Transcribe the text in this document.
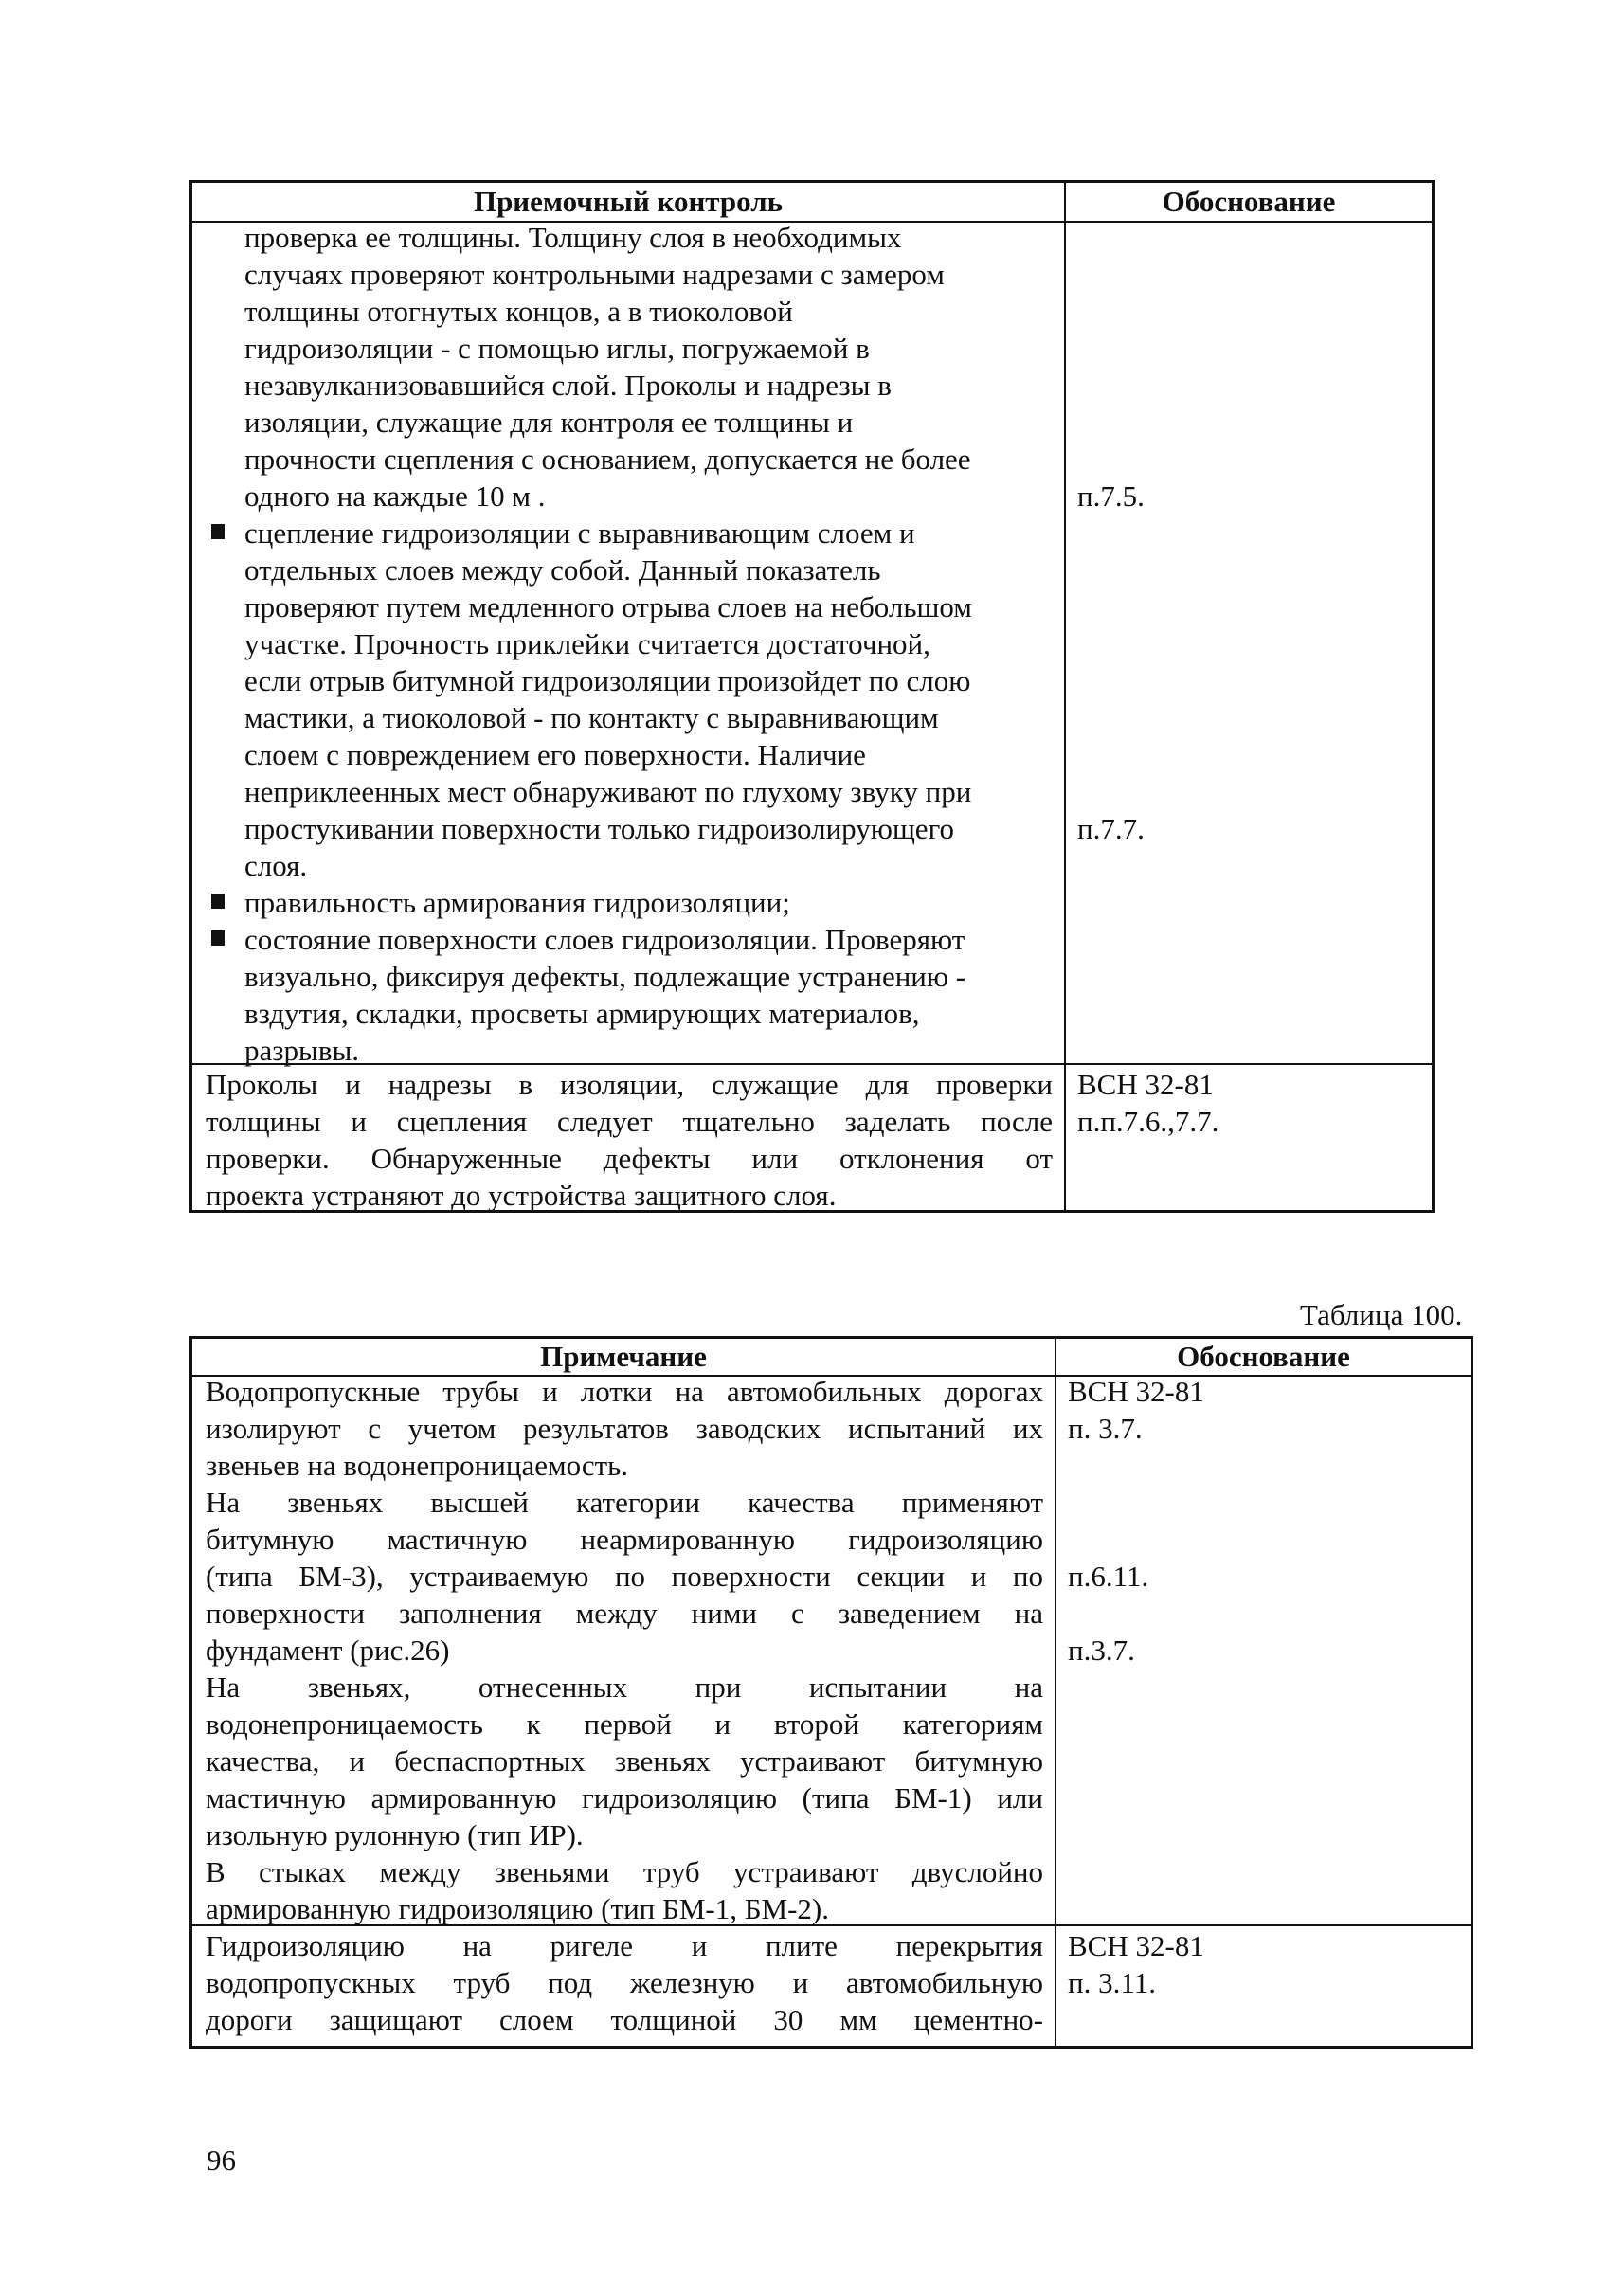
Приемочный контроль	Обоснование
проверка ее толщины. Толщину слоя в необходимых
случаях проверяют контрольными надрезами с замером
толщины отогнутых концов, а в тиоколовой
гидроизоляции - с помощью иглы, погружаемой в
незавулканизовавшийся слой. Проколы и надрезы в
изоляции, служащие для контроля ее толщины и
прочности сцепления с основанием, допускается не более
одного на каждые 10 м .
сцепление гидроизоляции с выравнивающим слоем и
отдельных слоев между собой. Данный показатель
проверяют путем медленного отрыва слоев на небольшом
участке. Прочность приклейки считается достаточной,
если отрыв битумной гидроизоляции произойдет по слою
мастики, а тиоколовой - по контакту с выравнивающим
слоем с повреждением его поверхности. Наличие
неприклеенных мест обнаруживают по глухому звуку при
простукивании поверхности только гидроизолирующего
слоя.
правильность армирования гидроизоляции;
состояние поверхности слоев гидроизоляции. Проверяют
визуально, фиксируя дефекты, подлежащие устранению -
вздутия, складки, просветы армирующих материалов,
разрывы.
п.7.5.
п.7.7.
Проколы и надрезы в изоляции, служащие для проверки
толщины и сцепления следует тщательно заделать после
проверки. Обнаруженные дефекты или отклонения от
проекта устраняют до устройства защитного слоя.
ВСН 32-81
п.п.7.6.,7.7.
Таблица 100.
Примечание	Обоснование
Водопропускные трубы и лотки на автомобильных дорогах
изолируют с учетом результатов заводских испытаний их
звеньев на водонепроницаемость.
На звеньях высшей категории качества применяют
битумную мастичную неармированную гидроизоляцию
(типа БМ-3), устраиваемую по поверхности секции и по
поверхности заполнения между ними с заведением на
фундамент (рис.26)
На звеньях, отнесенных при испытании на
водонепроницаемость к первой и второй категориям
качества, и беспаспортных звеньях устраивают битумную
мастичную армированную гидроизоляцию (типа БМ-1) или
изольную рулонную (тип ИР).
В стыках между звеньями труб устраивают двуслойно
армированную гидроизоляцию (тип БМ-1, БМ-2).
ВСН 32-81
п. 3.7.
п.6.11.
п.3.7.
Гидроизоляцию на ригеле и плите перекрытия
водопропускных труб под железную и автомобильную
дороги защищают слоем толщиной 30 мм цементно-
ВСН 32-81
п. 3.11.
96
